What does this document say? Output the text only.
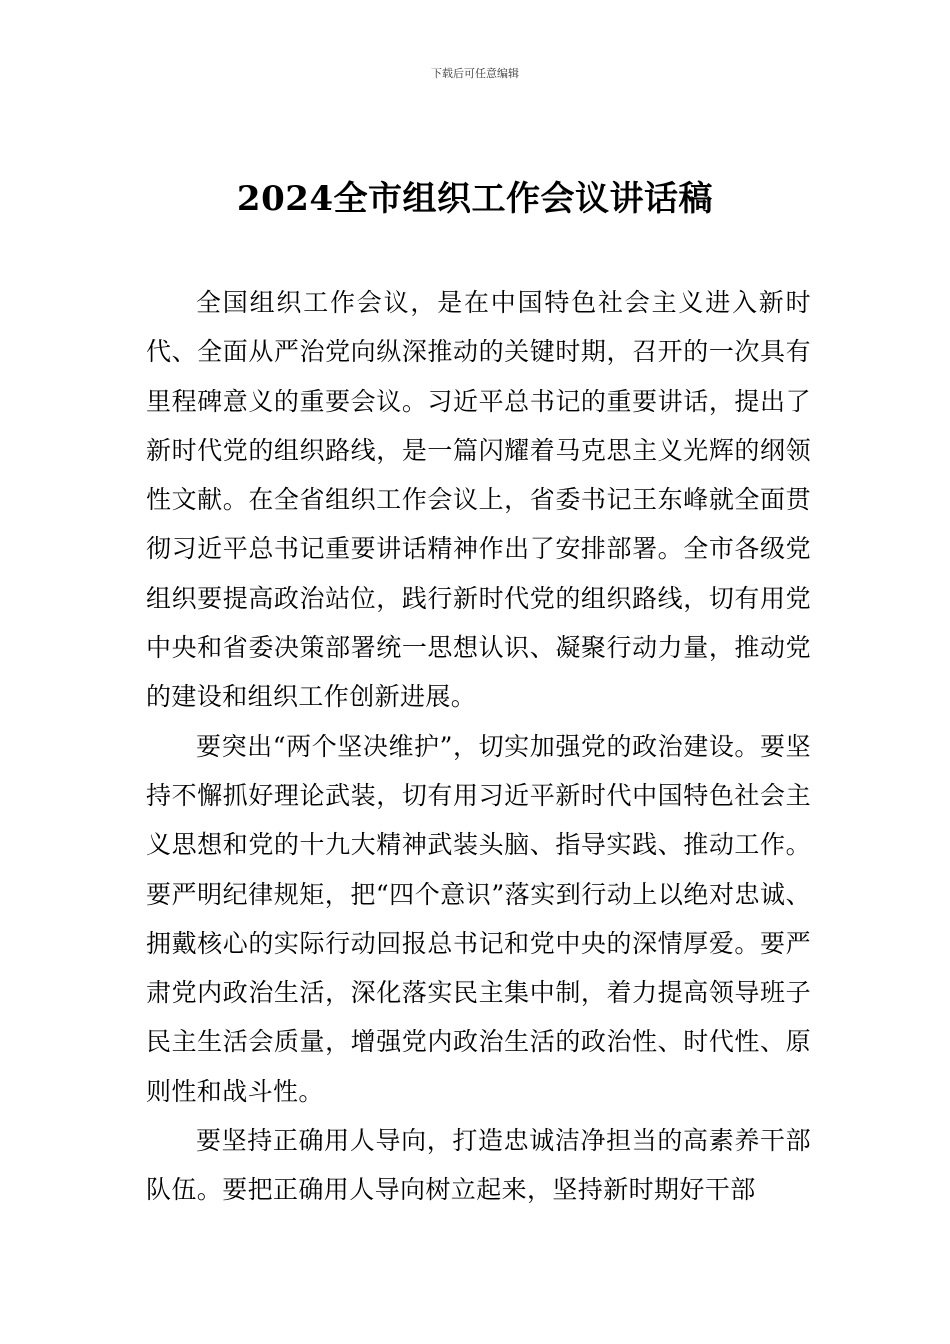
下载后可任意编辑
2024全市组织工作会议讲话稿

全国组织工作会议，是在中国特色社会主义进入新时代、全面从严治党向纵深推动的关键时期，召开的一次具有里程碑意义的重要会议。习近平总书记的重要讲话，提出了新时代党的组织路线，是一篇闪耀着马克思主义光辉的纲领性文献。在全省组织工作会议上，省委书记王东峰就全面贯彻习近平总书记重要讲话精神作出了安排部署。全市各级党组织要提高政治站位，践行新时代党的组织路线，切有用党中央和省委决策部署统一思想认识、凝聚行动力量，推动党的建设和组织工作创新进展。

要突出“两个坚决维护”，切实加强党的政治建设。要坚持不懈抓好理论武装，切有用习近平新时代中国特色社会主义思想和党的十九大精神武装头脑、指导实践、推动工作。要严明纪律规矩，把“四个意识”落实到行动上以绝对忠诚、拥戴核心的实际行动回报总书记和党中央的深情厚爱。要严肃党内政治生活，深化落实民主集中制，着力提高领导班子民主生活会质量，增强党内政治生活的政治性、时代性、原则性和战斗性。

要坚持正确用人导向，打造忠诚洁净担当的高素养干部队伍。要把正确用人导向树立起来，坚持新时期好干部
